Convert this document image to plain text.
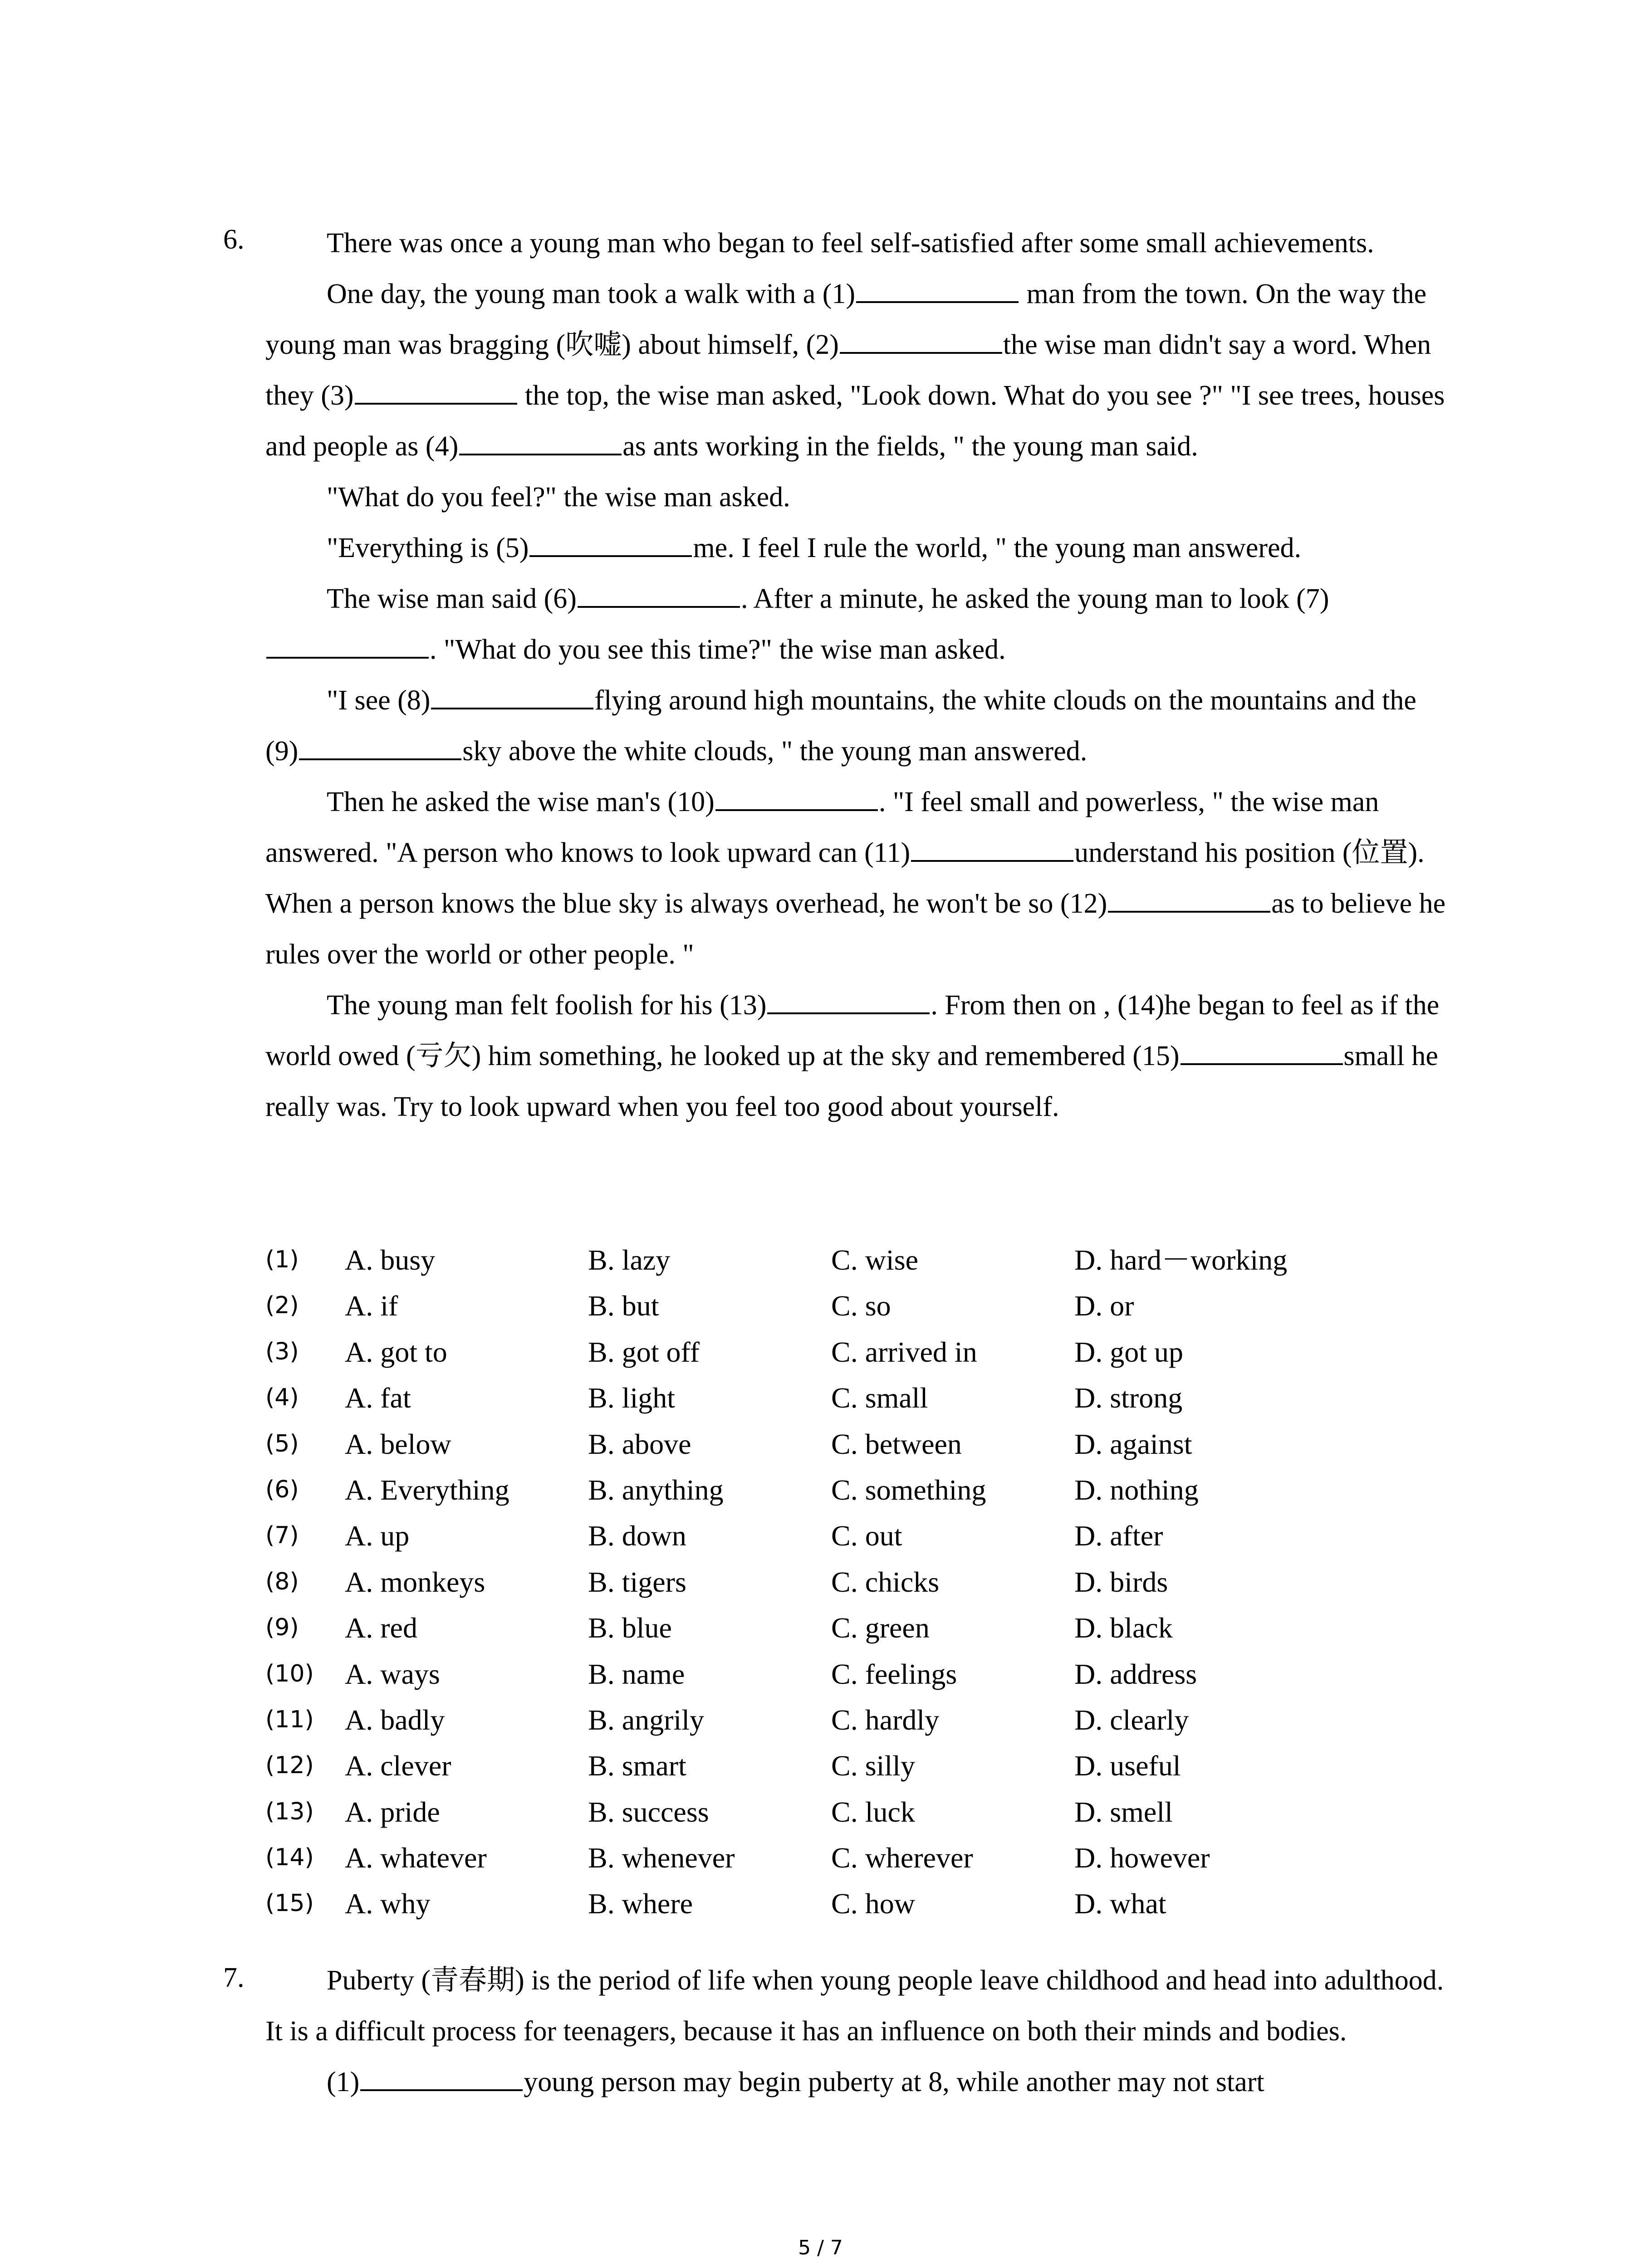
6.	There was once a young man who began to feel self-satisfied after some small achievements.

One day, the young man took a walk with a (1)	man from the town. On the way the young man was bragging (吹嘘) about himself, (2)	the wise man didn't say a word. When they (3)	the top, the wise man asked, "Look down. What do you see ?" "I see trees, houses and people as (4)	as ants working in the fields, " the young man said.

"What do you feel?" the wise man asked.

"Everything is (5)	me. I feel I rule the world, " the young man answered.

The wise man said (6)	. After a minute, he asked the young man to look (7). "What do you see this time?" the wise man asked.

"I see (8)	flying around high mountains, the white clouds on the mountains and the (9)	sky above the white clouds, " the young man answered.

Then he asked the wise man's (10)	. "I feel small and powerless, " the wise man answered. "A person who knows to look upward can (11)	understand his position (位置). When a person knows the blue sky is always overhead, he won't be so (12)	as to believe he rules over the world or other people. "

The young man felt foolish for his (13)	. From then on , (14)he began to feel as if the world owed (亏欠) him something, he looked up at the sky and remembered (15)	small he really was. Try to look upward when you feel too good about yourself.

(1) A. busy	B. lazy	C. wise	D. hard－working
(2) A. if	B. but	C. so	D. or
(3) A. got to	B. got off	C. arrived in	D. got up
(4) A. fat	B. light	C. small	D. strong
(5) A. below	B. above	C. between	D. against
(6) A. Everything	B. anything	C. something	D. nothing
(7) A. up	B. down	C. out	D. after
(8) A. monkeys	B. tigers	C. chicks	D. birds
(9) A. red	B. blue	C. green	D. black
(10) A. ways	B. name	C. feelings	D. address
(11) A. badly	B. angrily	C. hardly	D. clearly
(12) A. clever	B. smart	C. silly	D. useful
(13) A. pride	B. success	C. luck	D. smell
(14) A. whatever	B. whenever	C. wherever	D. however
(15) A. why	B. where	C. how	D. what
7.	Puberty (青春期) is the period of life when young people leave childhood and head into adulthood. It is a difficult process for teenagers, because it has an influence on both their minds and bodies.

(1)	young person may begin puberty at 8, while another may not start

5 / 7
